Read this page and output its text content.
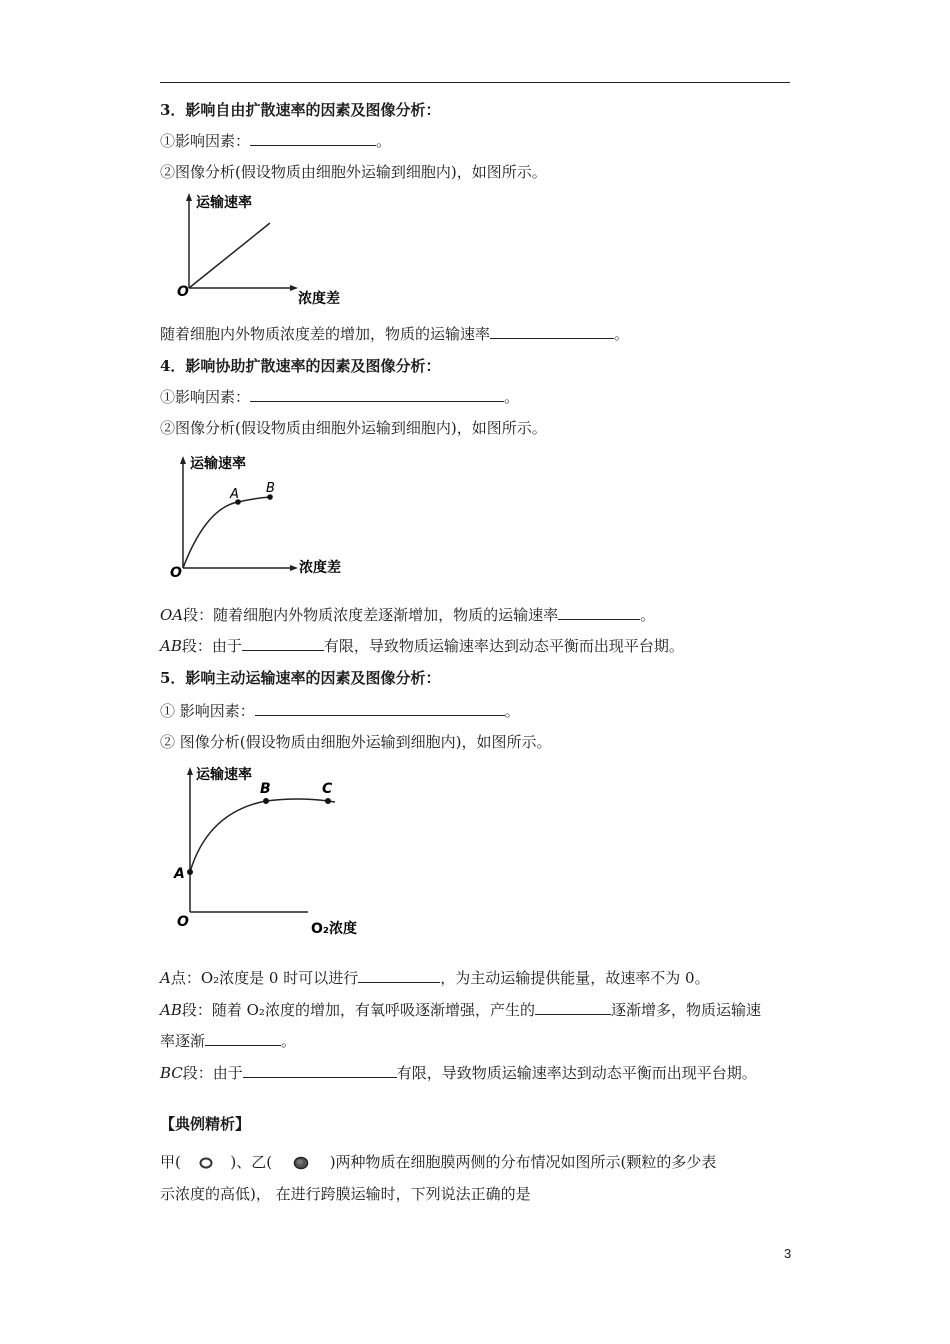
3．影响自由扩散速率的因素及图像分析：
①影响因素：	。
②图像分析(假设物质由细胞外运输到细胞内)，如图所示。
运输速率
浓度差
O
随着细胞内外物质浓度差的增加，物质的运输速率	。
4．影响协助扩散速率的因素及图像分析：
①影响因素：	。
②图像分析(假设物质由细胞外运输到细胞内)，如图所示。
运输速率
浓度差
O
A B
OA段：随着细胞内外物质浓度差逐渐增加，物质的运输速率	。
AB段：由于	有限，导致物质运输速率达到动态平衡而出现平台期。
5．影响主动运输速率的因素及图像分析：
① 影响因素：	。
② 图像分析(假设物质由细胞外运输到细胞内)，如图所示。
运输速率
O₂浓度
O
A
B	C
A点：O₂浓度是 0 时可以进行	，为主动运输提供能量，故速率不为 0。
AB段：随着 O₂浓度的增加，有氧呼吸逐渐增强，产生的	逐渐增多，物质运输速
率逐渐	。
BC段：由于	有限，导致物质运输速率达到动态平衡而出现平台期。
【典例精析】
甲(	)、乙(	)两种物质在细胞膜两侧的分布情况如图所示(颗粒的多少表
示浓度的高低)， 在进行跨膜运输时，下列说法正确的是
3
